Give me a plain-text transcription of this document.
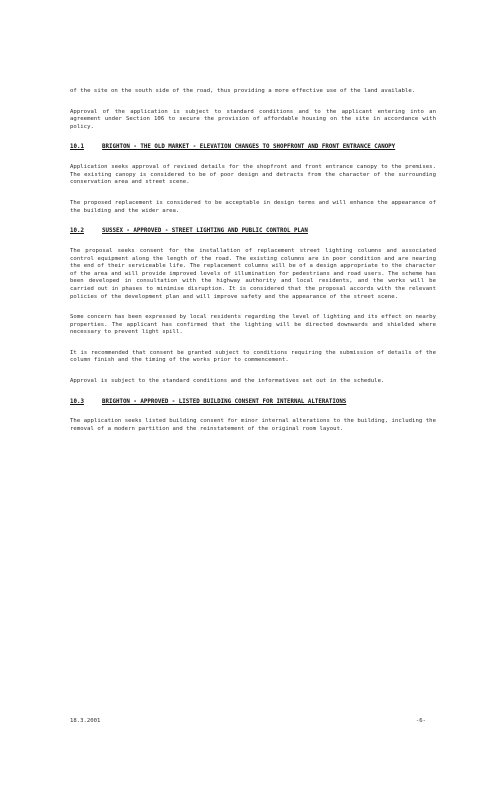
of the site on the south side of the road, thus providing a more effective use of the land available.

Approval of the application is subject to standard conditions and to the applicant entering into an agreement under Section 106 to secure the provision of affordable housing on the site in accordance with policy.

10.1	BRIGHTON - THE OLD MARKET - ELEVATION CHANGES TO SHOPFRONT AND FRONT ENTRANCE CANOPY

Application seeks approval of revised details for the shopfront and front entrance canopy to the premises. The existing canopy is considered to be of poor design and detracts from the character of the surrounding conservation area and street scene.

The proposed replacement is considered to be acceptable in design terms and will enhance the appearance of the building and the wider area.

10.2	SUSSEX - APPROVED - STREET LIGHTING AND PUBLIC CONTROL PLAN

The proposal seeks consent for the installation of replacement street lighting columns and associated control equipment along the length of the road. The existing columns are in poor condition and are nearing the end of their serviceable life. The replacement columns will be of a design appropriate to the character of the area and will provide improved levels of illumination for pedestrians and road users. The scheme has been developed in consultation with the highway authority and local residents, and the works will be carried out in phases to minimise disruption. It is considered that the proposal accords with the relevant policies of the development plan and will improve safety and the appearance of the street scene.

Some concern has been expressed by local residents regarding the level of lighting and its effect on nearby properties. The applicant has confirmed that the lighting will be directed downwards and shielded where necessary to prevent light spill.

It is recommended that consent be granted subject to conditions requiring the submission of details of the column finish and the timing of the works prior to commencement.

Approval is subject to the standard conditions and the informatives set out in the schedule.

10.3	BRIGHTON - APPROVED - LISTED BUILDING CONSENT FOR INTERNAL ALTERATIONS

The application seeks listed building consent for minor internal alterations to the building, including the removal of a modern partition and the reinstatement of the original room layout.

18.3.2001	-6-
